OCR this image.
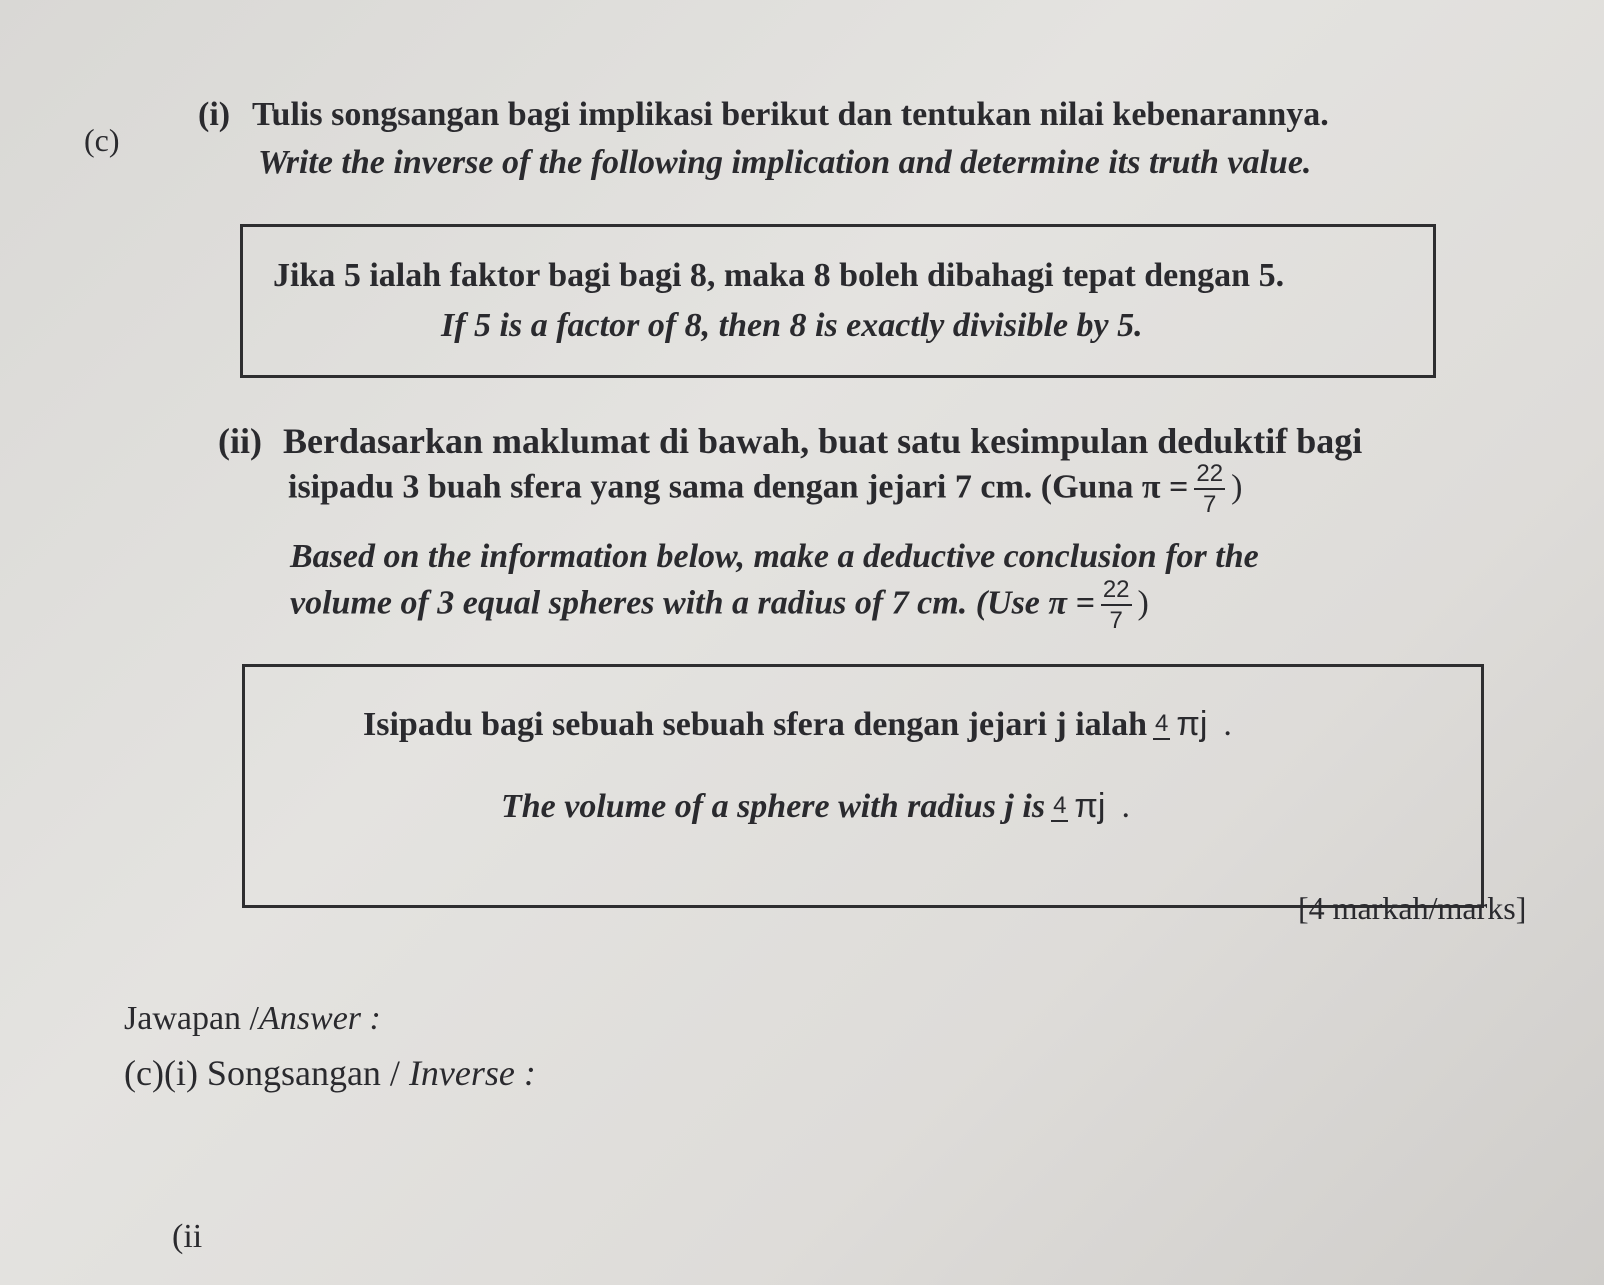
(c)
(i) Tulis songsangan bagi implikasi berikut dan tentukan nilai kebenarannya.
Write the inverse of the following implication and determine its truth value.
Jika 5 ialah faktor bagi bagi 8, maka 8 boleh dibahagi tepat dengan 5.
If 5 is a factor of 8, then 8 is exactly divisible by 5.
(ii) Berdasarkan maklumat di bawah, buat satu kesimpulan deduktif bagi
isipadu 3 buah sfera yang sama dengan jejari 7 cm. (Guna $\pi = \frac{22}{7}$ )
Based on the information below, make a deductive conclusion for the
volume of 3 equal spheres with a radius of 7 cm. (Use $\pi = \frac{22}{7}$ )
Isipadu bagi sebuah sebuah sfera dengan jejari j ialah 4 πj .
The volume of a sphere with radius j is 4 πj .
[4 markah/marks]
Jawapan /Answer :
(c)(i) Songsangan / Inverse :
(ii
